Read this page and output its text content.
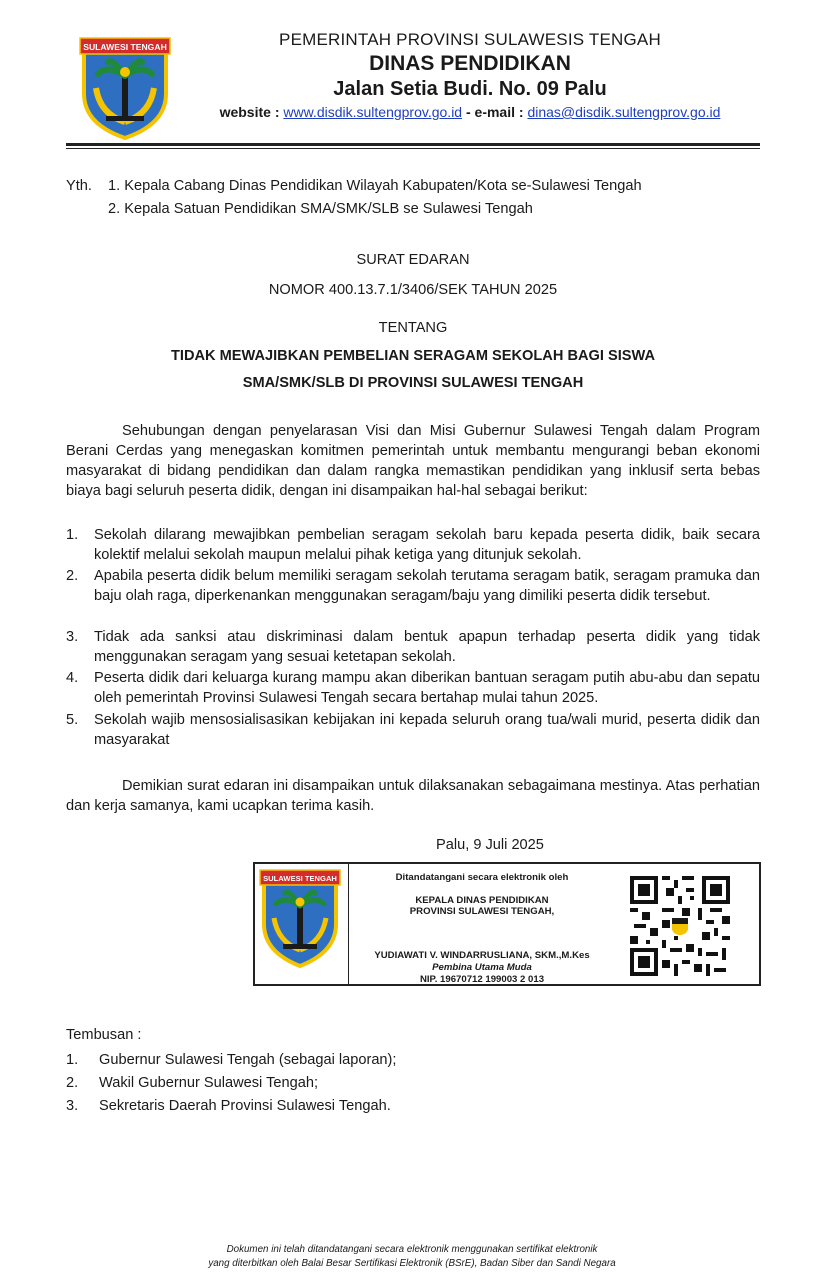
SULAWESI TENGAH	PEMERINTAH PROVINSI SULAWESIS TENGAH
DINAS PENDIDIKAN
Jalan Setia Budi. No. 09 Palu
website : www.disdik.sultengprov.go.id - e-mail : dinas@disdik.sultengprov.go.id
Yth. 1. Kepala Cabang Dinas Pendidikan Wilayah Kabupaten/Kota se-Sulawesi Tengah
2. Kepala Satuan Pendidikan SMA/SMK/SLB se Sulawesi Tengah
SURAT EDARAN
NOMOR 400.13.7.1/3406/SEK TAHUN 2025
TENTANG
TIDAK MEWAJIBKAN PEMBELIAN SERAGAM SEKOLAH BAGI SISWA
SMA/SMK/SLB DI PROVINSI SULAWESI TENGAH
Sehubungan dengan penyelarasan Visi dan Misi Gubernur Sulawesi Tengah dalam Program Berani Cerdas yang menegaskan komitmen pemerintah untuk membantu mengurangi beban ekonomi masyarakat di bidang pendidikan dan dalam rangka memastikan pendidikan yang inklusif serta bebas biaya bagi seluruh peserta didik, dengan ini disampaikan hal-hal sebagai berikut:
1.	Sekolah dilarang mewajibkan pembelian seragam sekolah baru kepada peserta didik, baik secara kolektif melalui sekolah maupun melalui pihak ketiga yang ditunjuk sekolah.
2.	Apabila peserta didik belum memiliki seragam sekolah terutama seragam batik, seragam pramuka dan baju olah raga, diperkenankan menggunakan seragam/baju yang dimiliki peserta didik tersebut.
3.	Tidak ada sanksi atau diskriminasi dalam bentuk apapun terhadap peserta didik yang tidak menggunakan seragam yang sesuai ketetapan sekolah.
4.	Peserta didik dari keluarga kurang mampu akan diberikan bantuan seragam putih abu-abu dan sepatu oleh pemerintah Provinsi Sulawesi Tengah secara bertahap mulai tahun 2025.
5.	Sekolah wajib mensosialisasikan kebijakan ini kepada seluruh orang tua/wali murid, peserta didik dan masyarakat
Demikian surat edaran ini disampaikan untuk dilaksanakan sebagaimana mestinya. Atas perhatian dan kerja samanya, kami ucapkan terima kasih.
Palu, 9 Juli 2025
SULAWESI TENGAH	Ditandatangani secara elektronik oleh
KEPALA DINAS PENDIDIKAN
PROVINSI SULAWESI TENGAH,
YUDIAWATI V. WINDARRUSLIANA, SKM.,M.Kes
Pembina Utama Muda
NIP. 19670712 199003 2 013
Tembusan :
1. Gubernur Sulawesi Tengah (sebagai laporan);
2. Wakil Gubernur Sulawesi Tengah;
3. Sekretaris Daerah Provinsi Sulawesi Tengah.
Dokumen ini telah ditandatangani secara elektronik menggunakan sertifikat elektronik
yang diterbitkan oleh Balai Besar Sertifikasi Elektronik (BSrE), Badan Siber dan Sandi Negara
